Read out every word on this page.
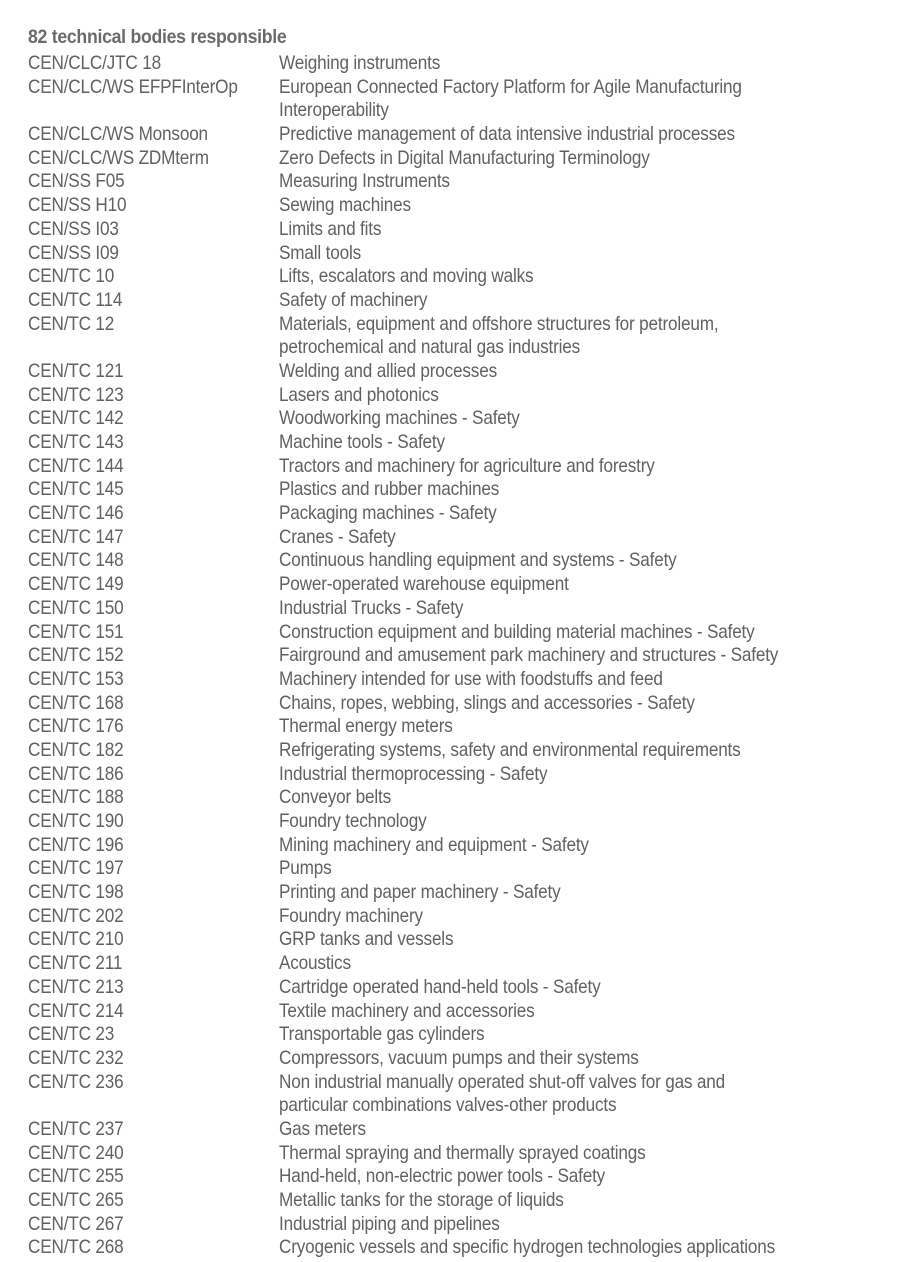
82 technical bodies responsible
CEN/CLC/JTC 18	Weighing instruments
CEN/CLC/WS EFPFInterOp	European Connected Factory Platform for Agile Manufacturing
Interoperability
CEN/CLC/WS Monsoon	Predictive management of data intensive industrial processes
CEN/CLC/WS ZDMterm	Zero Defects in Digital Manufacturing Terminology
CEN/SS F05	Measuring Instruments
CEN/SS H10	Sewing machines
CEN/SS I03	Limits and fits
CEN/SS I09	Small tools
CEN/TC 10	Lifts, escalators and moving walks
CEN/TC 114	Safety of machinery
CEN/TC 12	Materials, equipment and offshore structures for petroleum,
petrochemical and natural gas industries
CEN/TC 121	Welding and allied processes
CEN/TC 123	Lasers and photonics
CEN/TC 142	Woodworking machines - Safety
CEN/TC 143	Machine tools - Safety
CEN/TC 144	Tractors and machinery for agriculture and forestry
CEN/TC 145	Plastics and rubber machines
CEN/TC 146	Packaging machines - Safety
CEN/TC 147	Cranes - Safety
CEN/TC 148	Continuous handling equipment and systems - Safety
CEN/TC 149	Power-operated warehouse equipment
CEN/TC 150	Industrial Trucks - Safety
CEN/TC 151	Construction equipment and building material machines - Safety
CEN/TC 152	Fairground and amusement park machinery and structures - Safety
CEN/TC 153	Machinery intended for use with foodstuffs and feed
CEN/TC 168	Chains, ropes, webbing, slings and accessories - Safety
CEN/TC 176	Thermal energy meters
CEN/TC 182	Refrigerating systems, safety and environmental requirements
CEN/TC 186	Industrial thermoprocessing - Safety
CEN/TC 188	Conveyor belts
CEN/TC 190	Foundry technology
CEN/TC 196	Mining machinery and equipment - Safety
CEN/TC 197	Pumps
CEN/TC 198	Printing and paper machinery - Safety
CEN/TC 202	Foundry machinery
CEN/TC 210	GRP tanks and vessels
CEN/TC 211	Acoustics
CEN/TC 213	Cartridge operated hand-held tools - Safety
CEN/TC 214	Textile machinery and accessories
CEN/TC 23	Transportable gas cylinders
CEN/TC 232	Compressors, vacuum pumps and their systems
CEN/TC 236	Non industrial manually operated shut-off valves for gas and
particular combinations valves-other products
CEN/TC 237	Gas meters
CEN/TC 240	Thermal spraying and thermally sprayed coatings
CEN/TC 255	Hand-held, non-electric power tools - Safety
CEN/TC 265	Metallic tanks for the storage of liquids
CEN/TC 267	Industrial piping and pipelines
CEN/TC 268	Cryogenic vessels and specific hydrogen technologies applications
